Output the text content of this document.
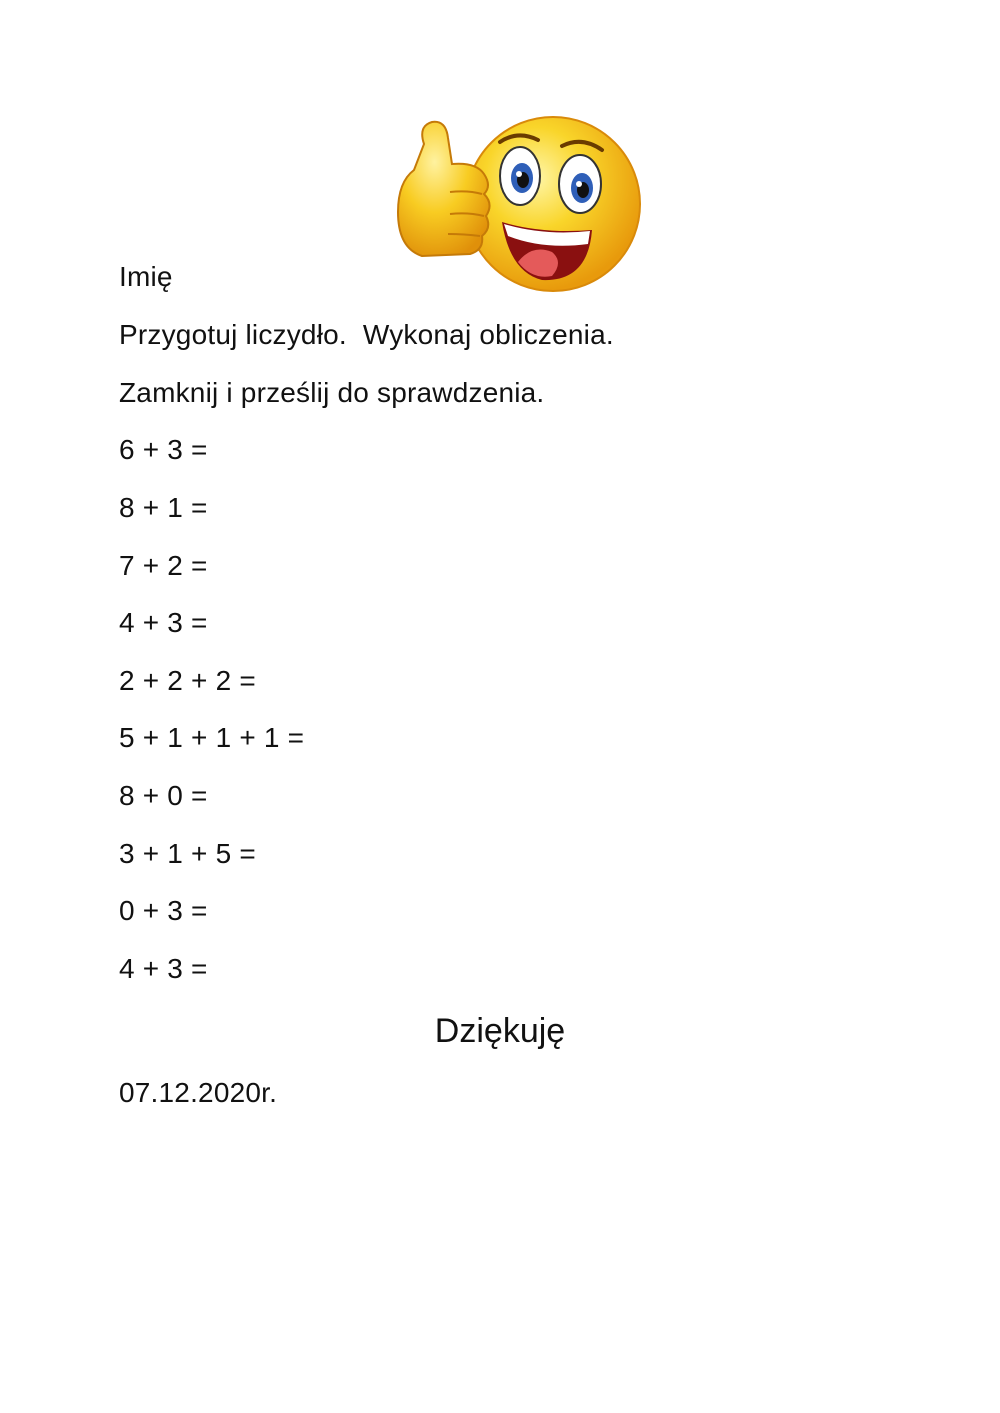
Imię
Przygotuj liczydło.  Wykonaj obliczenia.
Zamknij i prześlij do sprawdzenia.
6 + 3 =
8 + 1 =
7 + 2 =
4 + 3 =
2 + 2 + 2 =
5 + 1 + 1 + 1 =
8 + 0 =
3 + 1 + 5 =
0 + 3 =
4 + 3 =
Dziękuję
07.12.2020r.
